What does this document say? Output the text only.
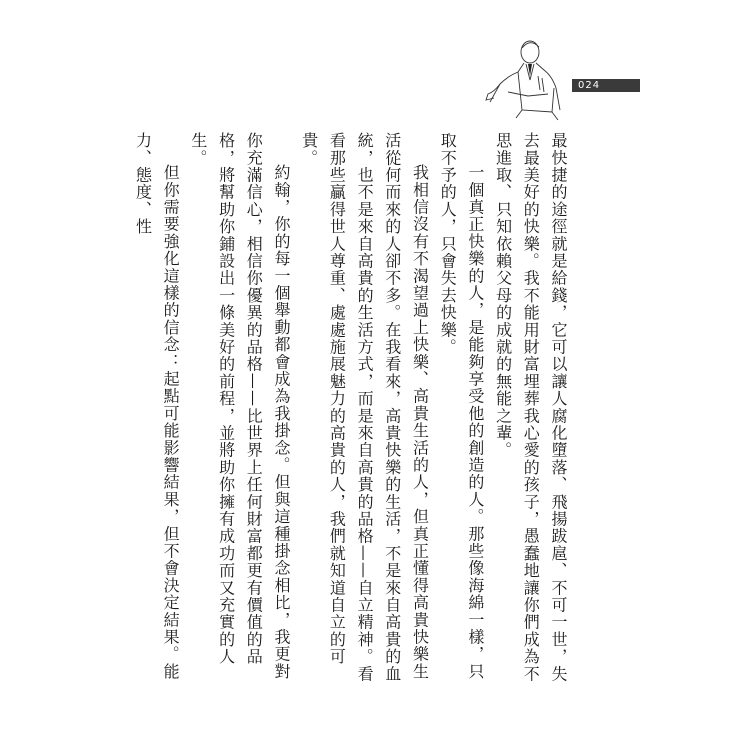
024

最快捷的途徑就是給錢，它可以讓人腐化墮落、飛揚跋扈、不可一世，失去最美好的快樂。我不能用財富埋葬我心愛的孩子，愚蠢地讓你們成為不思進取、只知依賴父母的成就的無能之輩。

一個真正快樂的人，是能夠享受他的創造的人。那些像海綿一樣，只取不予的人，只會失去快樂。

我相信沒有不渴望過上快樂、高貴生活的人，但真正懂得高貴快樂生活從何而來的人卻不多。在我看來，高貴快樂的生活，不是來自高貴的血統，也不是來自高貴的生活方式，而是來自高貴的品格——自立精神。看看那些贏得世人尊重、處處施展魅力的高貴的人，我們就知道自立的可貴。

約翰，你的每一個舉動都會成為我掛念。但與這種掛念相比，我更對你充滿信心，相信你優異的品格——比世界上任何財富都更有價值的品格，將幫助你鋪設出一條美好的前程，並將助你擁有成功而又充實的人生。

但你需要強化這樣的信念：起點可能影響結果，但不會決定結果。能力、態度、性
